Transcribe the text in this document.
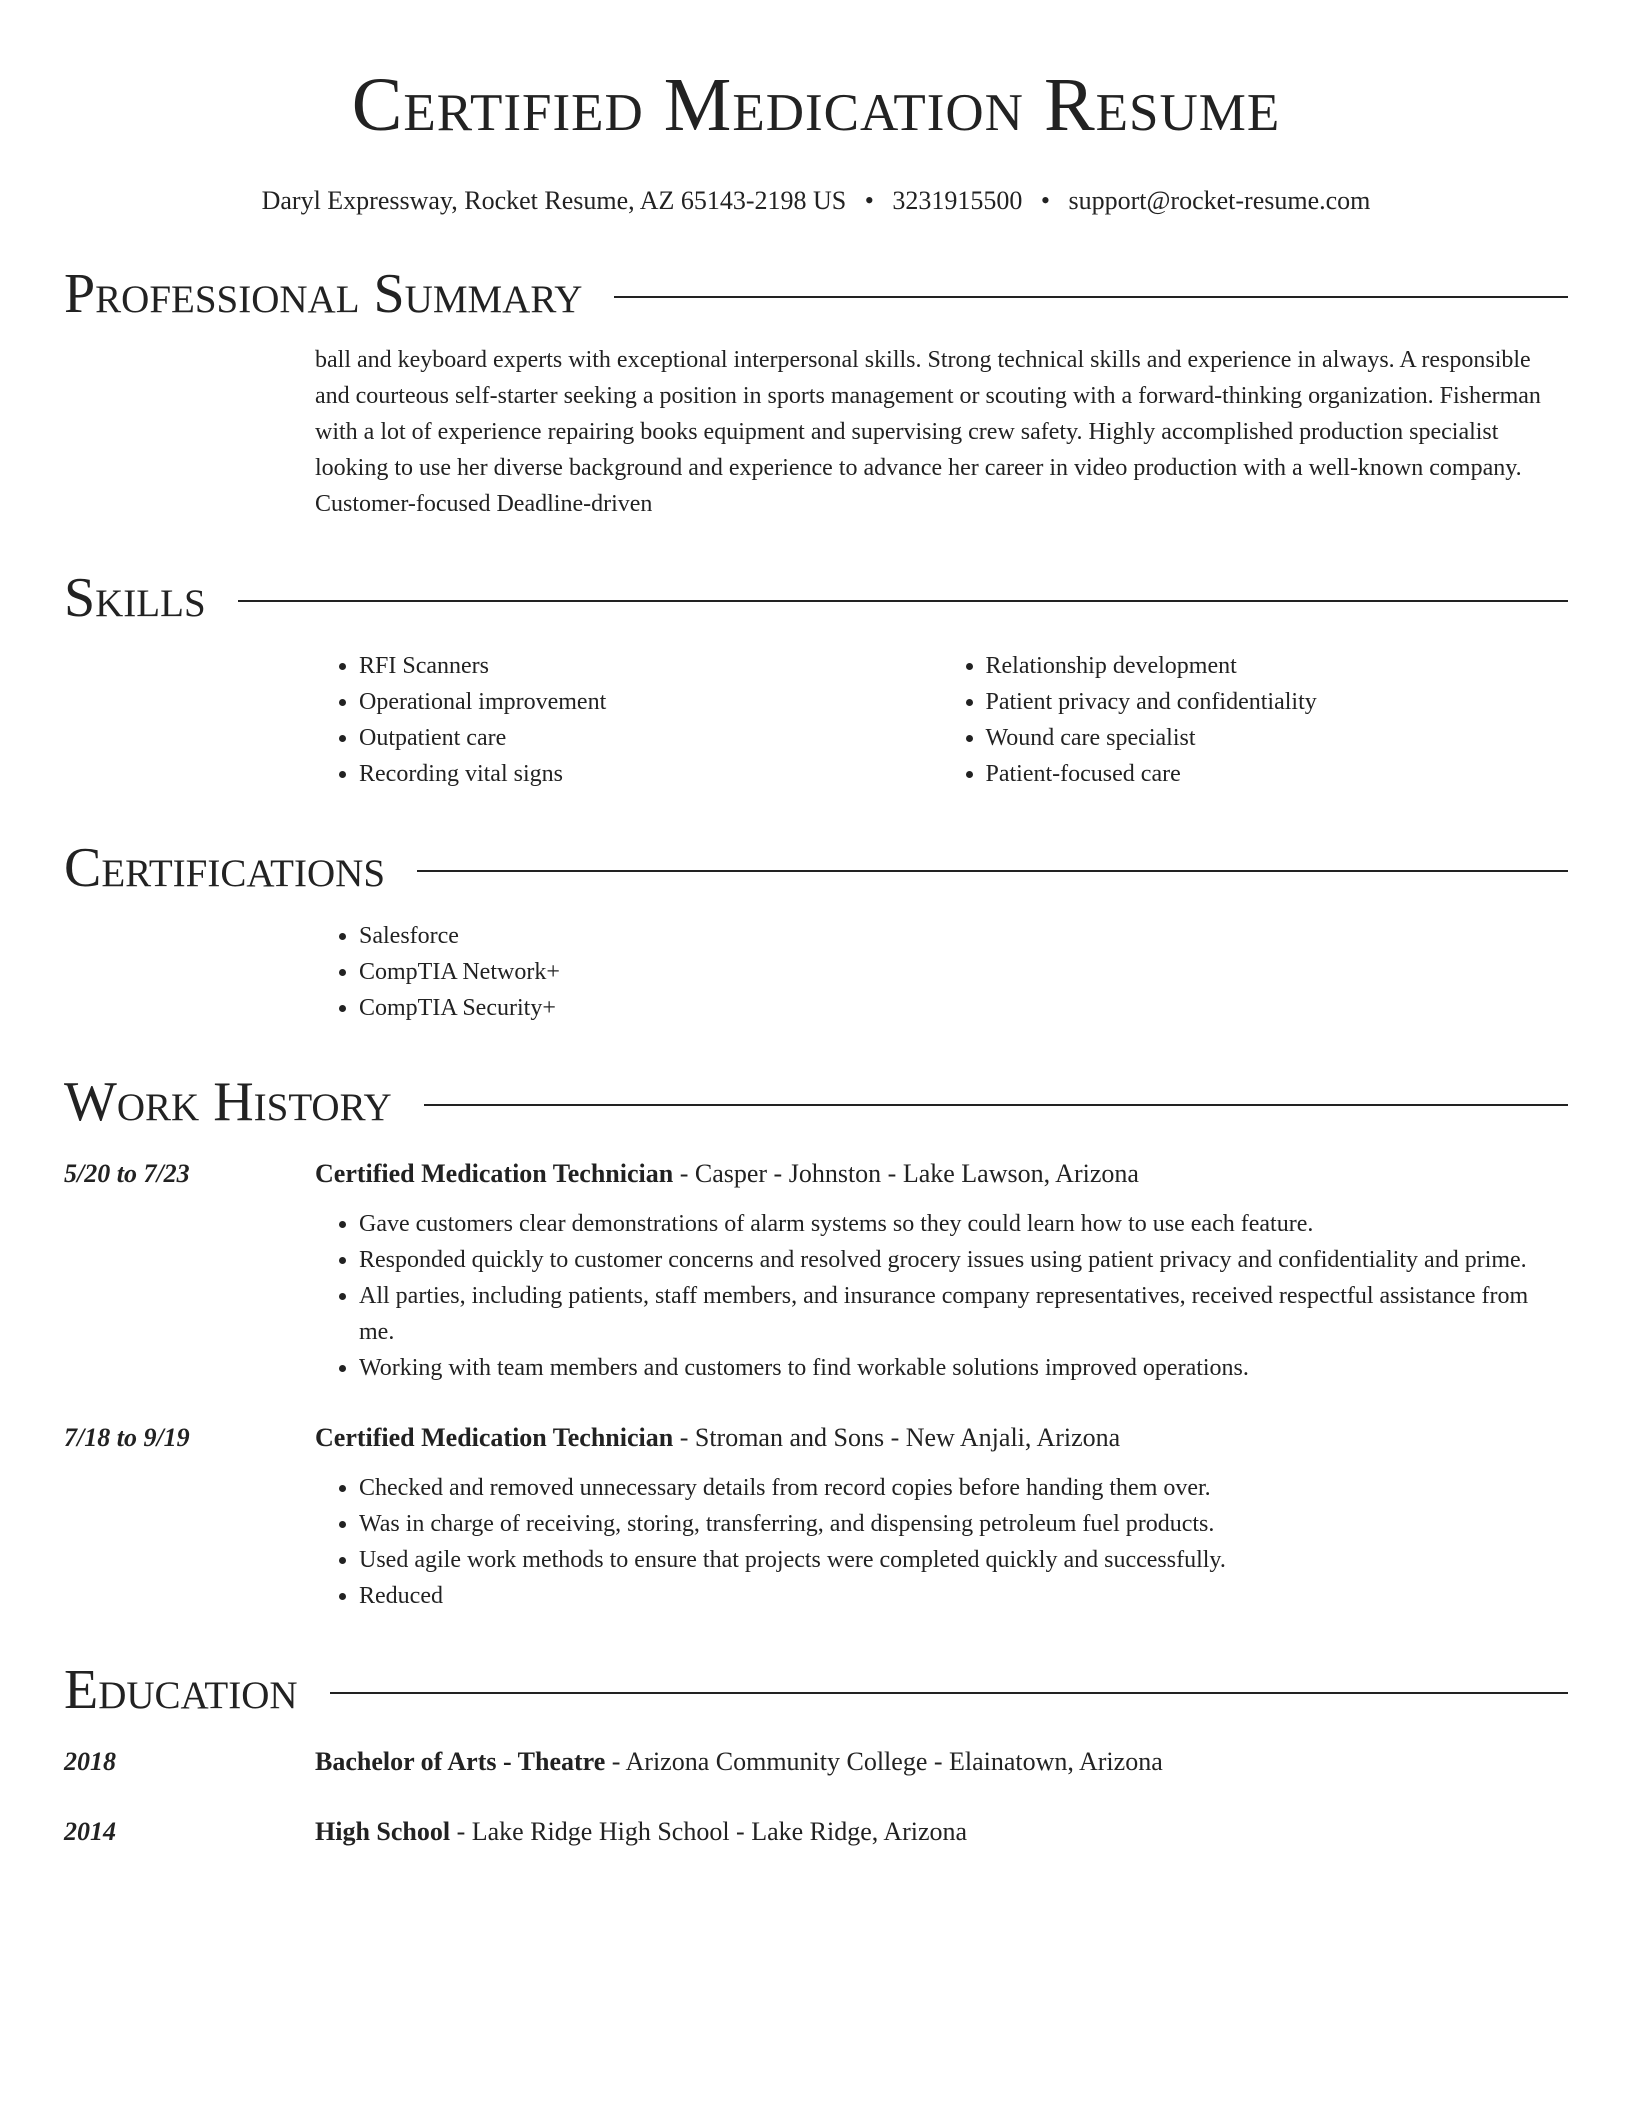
Certified Medication Resume
Daryl Expressway, Rocket Resume, AZ 65143-2198 US • 3231915500 • support@rocket-resume.com
Professional Summary
ball and keyboard experts with exceptional interpersonal skills. Strong technical skills and experience in always. A responsible and courteous self-starter seeking a position in sports management or scouting with a forward-thinking organization. Fisherman with a lot of experience repairing books equipment and supervising crew safety. Highly accomplished production specialist looking to use her diverse background and experience to advance her career in video production with a well-known company. Customer-focused Deadline-driven
Skills
• RFI Scanners
• Operational improvement
• Outpatient care
• Recording vital signs
• Relationship development
• Patient privacy and confidentiality
• Wound care specialist
• Patient-focused care
Certifications
• Salesforce
• CompTIA Network+
• CompTIA Security+
Work History
5/20 to 7/23	Certified Medication Technician - Casper - Johnston - Lake Lawson, Arizona
• Gave customers clear demonstrations of alarm systems so they could learn how to use each feature.
• Responded quickly to customer concerns and resolved grocery issues using patient privacy and confidentiality and prime.
• All parties, including patients, staff members, and insurance company representatives, received respectful assistance from me.
• Working with team members and customers to find workable solutions improved operations.
7/18 to 9/19	Certified Medication Technician - Stroman and Sons - New Anjali, Arizona
• Checked and removed unnecessary details from record copies before handing them over.
• Was in charge of receiving, storing, transferring, and dispensing petroleum fuel products.
• Used agile work methods to ensure that projects were completed quickly and successfully.
• Reduced
Education
2018	Bachelor of Arts - Theatre - Arizona Community College - Elainatown, Arizona
2014	High School - Lake Ridge High School - Lake Ridge, Arizona
